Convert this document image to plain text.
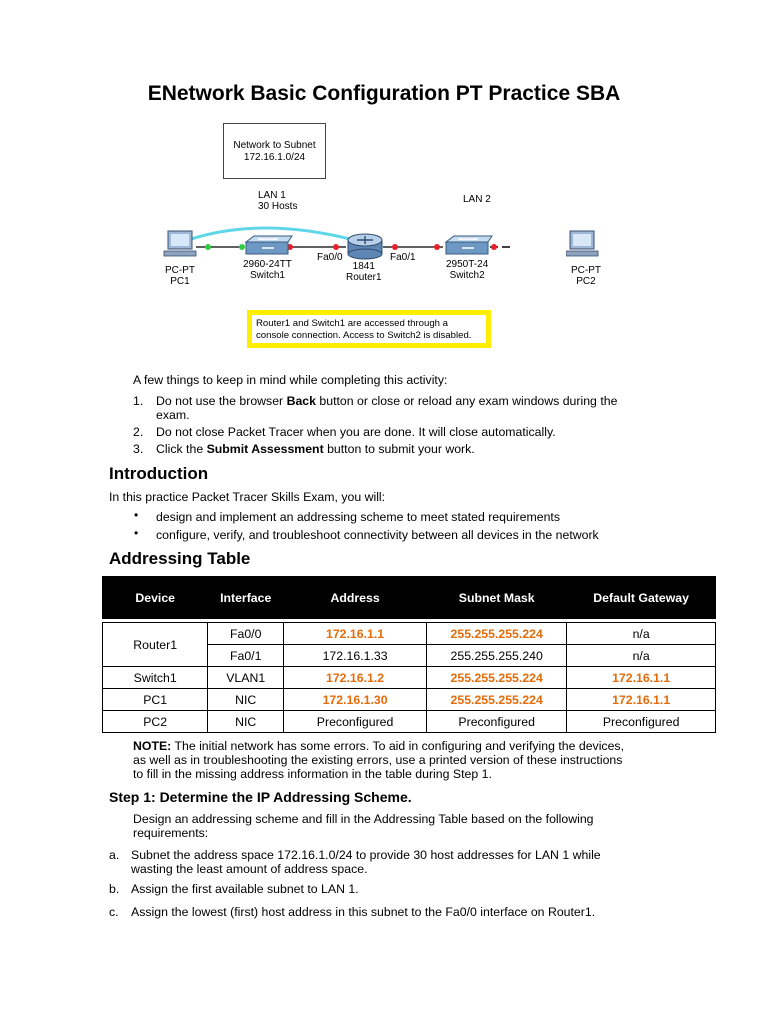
ENetwork Basic Configuration PT Practice SBA
Network to Subnet
172.16.1.0/24
LAN 1
30 Hosts
LAN 2
PC-PT
PC1
2960-24TT
Switch1
Fa0/0
1841
Router1
Fa0/1
2950T-24
Switch2	PC-PT
PC2
Router1 and Switch1 are accessed through a
console connection. Access to Switch2 is disabled.
A few things to keep in mind while completing this activity:
1. Do not use the browser Back button or close or reload any exam windows during the
exam.
2. Do not close Packet Tracer when you are done. It will close automatically.
3. Click the Submit Assessment button to submit your work.
Introduction
In this practice Packet Tracer Skills Exam, you will:
• design and implement an addressing scheme to meet stated requirements
• configure, verify, and troubleshoot connectivity between all devices in the network
Addressing Table
Device	Interface	Address	Subnet Mask	Default Gateway

Router1	Fa0/0	172.16.1.1	255.255.255.224	n/a
	Fa0/1	172.16.1.33	255.255.255.240	n/a
Switch1	VLAN1	172.16.1.2	255.255.255.224	172.16.1.1
PC1	NIC	172.16.1.30	255.255.255.224	172.16.1.1
PC2	NIC	Preconfigured	Preconfigured	Preconfigured
NOTE: The initial network has some errors. To aid in configuring and verifying the devices,
as well as in troubleshooting the existing errors, use a printed version of these instructions
to fill in the missing address information in the table during Step 1.
Step 1: Determine the IP Addressing Scheme.
Design an addressing scheme and fill in the Addressing Table based on the following
requirements:
a. Subnet the address space 172.16.1.0/24 to provide 30 host addresses for LAN 1 while
wasting the least amount of address space.
b. Assign the first available subnet to LAN 1.
c. Assign the lowest (first) host address in this subnet to the Fa0/0 interface on Router1.
